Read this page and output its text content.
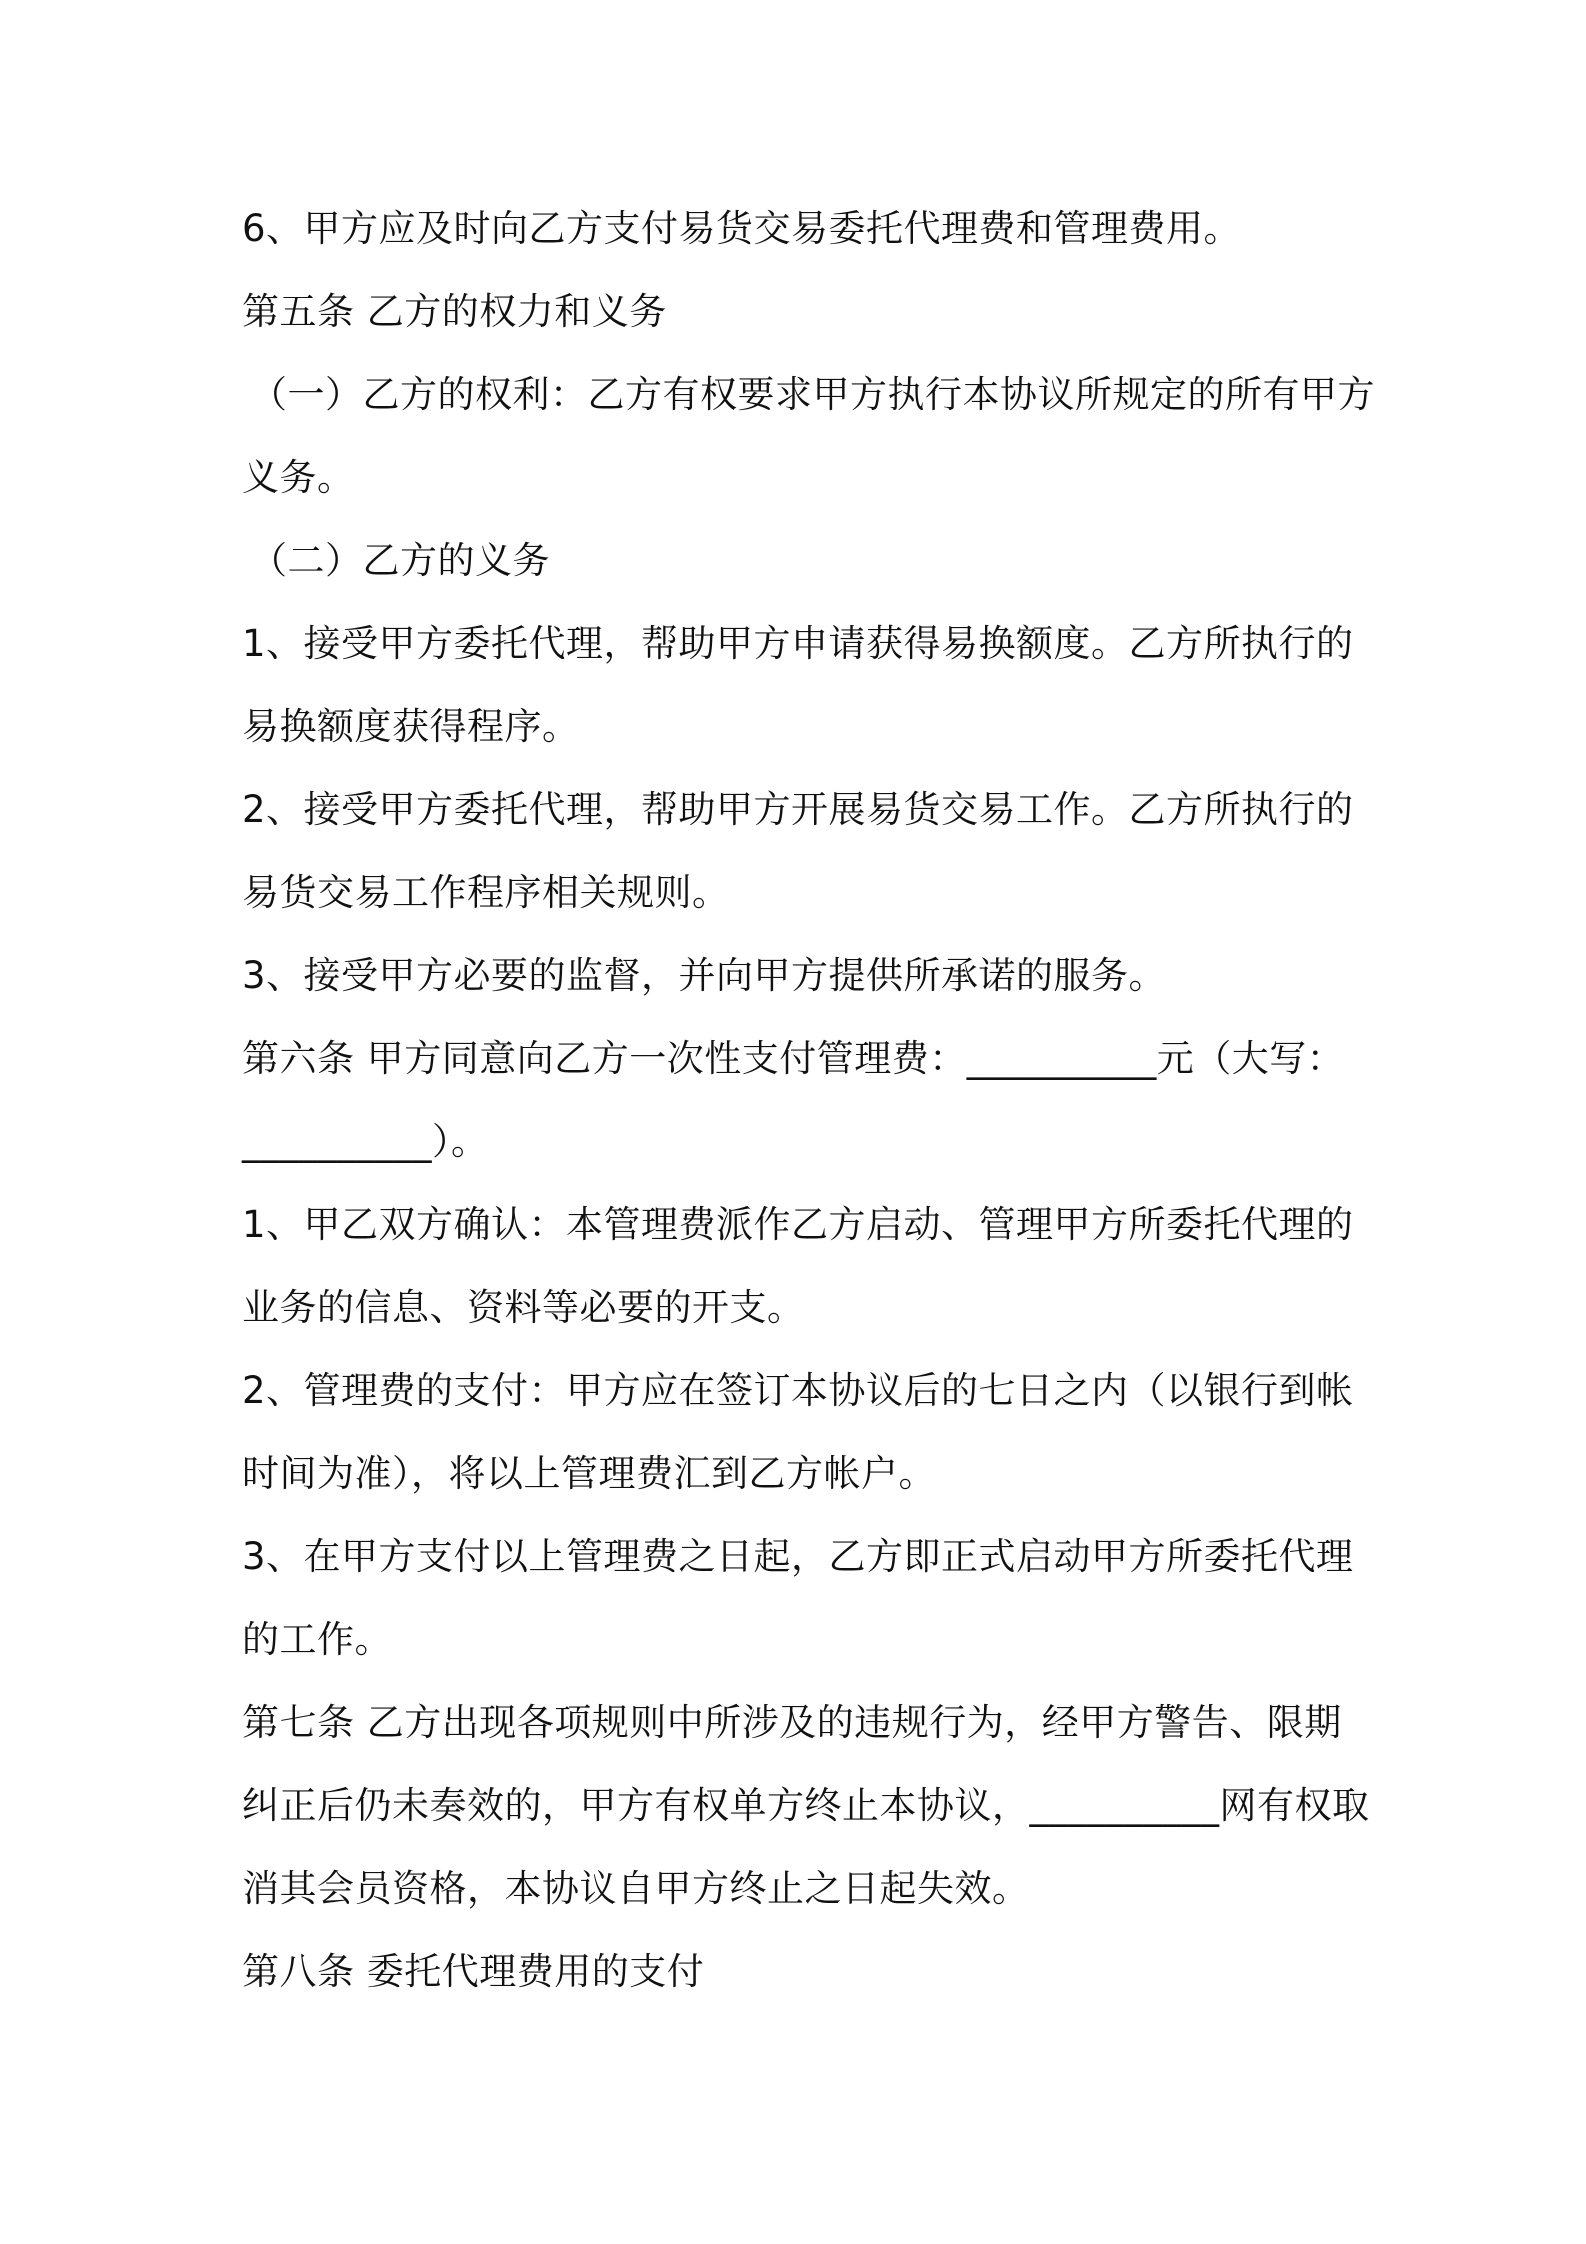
6、甲方应及时向乙方支付易货交易委托代理费和管理费用。
第五条 乙方的权力和义务
（一）乙方的权利：乙方有权要求甲方执行本协议所规定的所有甲方
义务。
（二）乙方的义务
1、接受甲方委托代理，帮助甲方申请获得易换额度。乙方所执行的
易换额度获得程序。
2、接受甲方委托代理，帮助甲方开展易货交易工作。乙方所执行的
易货交易工作程序相关规则。
3、接受甲方必要的监督，并向甲方提供所承诺的服务。
第六条 甲方同意向乙方一次性支付管理费：__________元（大写：
__________）。
1、甲乙双方确认：本管理费派作乙方启动、管理甲方所委托代理的
业务的信息、资料等必要的开支。
2、管理费的支付：甲方应在签订本协议后的七日之内（以银行到帐
时间为准），将以上管理费汇到乙方帐户。
3、在甲方支付以上管理费之日起，乙方即正式启动甲方所委托代理
的工作。
第七条 乙方出现各项规则中所涉及的违规行为，经甲方警告、限期
纠正后仍未奏效的，甲方有权单方终止本协议，__________网有权取
消其会员资格，本协议自甲方终止之日起失效。
第八条 委托代理费用的支付
